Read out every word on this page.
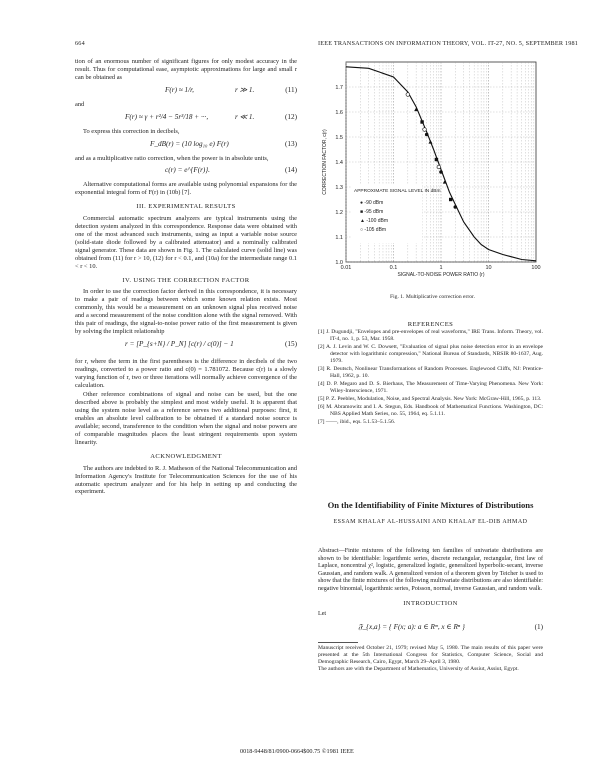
664	IEEE TRANSACTIONS ON INFORMATION THEORY, VOL. IT-27, NO. 5, SEPTEMBER 1981

tion of an enormous number of significant figures for only modest accuracy in the result. Thus for computational ease, asymptotic approximations for large and small r can be obtained as

F(r) ≈ 1/r,	r ≫ 1.	(11)

and

F(r) ≈ γ + r²/4 − 5r³/18 + ···,	r ≪ 1.	(12)

To express this correction in decibels,

F_dB(r) = (10 log₁₀ e) F(r)	(13)

and as a multiplicative ratio correction, when the power is in absolute units,

c(r) = e^{F(r)}.	(14)

Alternative computational forms are available using polynomial expansions for the exponential integral form of F(r) in (10b) [7].

III. EXPERIMENTAL RESULTS

Commercial automatic spectrum analyzers are typical instruments using the detection system analyzed in this correspondence. Response data were obtained with one of the most advanced such instruments, using as input a variable noise source (solid-state diode followed by a calibrated attenuator) and a nominally calibrated signal generator. These data are shown in Fig. 1. The calculated curve (solid line) was obtained from (11) for r > 10, (12) for r < 0.1, and (10a) for the intermediate range 0.1 < r < 10.

IV. USING THE CORRECTION FACTOR

In order to use the correction factor derived in this correspondence, it is necessary to make a pair of readings between which some known relation exists. Most commonly, this would be a measurement on an unknown signal plus received noise and a second measurement of the noise condition alone with the signal removed. With this pair of readings, the signal-to-noise power ratio of the first measurement is given by solving the implicit relationship

r = [P_{s+N} / P_N] [c(r) / c(0)] − 1	(15)

for r, where the term in the first parentheses is the difference in decibels of the two readings, converted to a power ratio and c(0) = 1.781072. Because c(r) is a slowly varying function of r, two or three iterations will normally achieve convergence of the calculation.

Other reference combinations of signal and noise can be used, but the one described above is probably the simplest and most widely useful. It is apparent that using the system noise level as a reference serves two additional purposes: first, it enables an absolute level calibration to be obtained if a standard noise source is available; second, transference to the condition when the signal and noise powers are of comparable magnitudes places the least stringent requirements upon system linearity.

ACKNOWLEDGMENT

The authors are indebted to R. J. Matheson of the National Telecommunication and Information Agency's Institute for Telecommunication Sciences for the use of his automatic spectrum analyzer and for his help in setting up and conducting the experiment.

1.0
1.1
1.2
1.3
1.4
1.5
1.6
1.7
0.01	0.1	1	10	100
SIGNAL-TO-NOISE POWER RATIO (r)
CORRECTION FACTOR, c(r)	APPROXIMATE SIGNAL LEVEL IN dBm
● -90 dBm
■ -95 dBm
▲ -100 dBm
○ -105 dBm
Fig. 1. Multiplicative correction error.
REFERENCES
[1] J. Dugundji, "Envelopes and pre-envelopes of real waveforms," IRE Trans. Inform. Theory, vol. IT-4, no. 1, p. 53, Mar. 1958.
[2] A. J. Levin and W. C. Dowsett, "Evaluation of signal plus noise detection error in an envelope detector with logarithmic compression," National Bureau of Standards, NBSIR 80-1637, Aug. 1979.
[3] R. Deutsch, Nonlinear Transformations of Random Processes. Englewood Cliffs, NJ: Prentice-Hall, 1962, p. 10.
[4] D. P. Megaro and D. S. Bierhaus, The Measurement of Time-Varying Phenomena. New York: Wiley-Interscience, 1971.
[5] P. Z. Peebles, Modulation, Noise, and Spectral Analysis. New York: McGraw-Hill, 1965, p. 113.
[6] M. Abramowitz and I. A. Stegun, Eds. Handbook of Mathematical Functions. Washington, DC: NBS Applied Math Series, no. 55, 1964, eq. 5.1.11.
[7] ——, ibid., eqs. 5.1.53–5.1.56.
On the Identifiability of Finite Mixtures of Distributions
ESSAM KHALAF AL-HUSSAINI AND KHALAF EL-DIB AHMAD

Abstract—Finite mixtures of the following ten families of univariate distributions are shown to be identifiable: logarithmic series, discrete rectangular, rectangular, first law of Laplace, noncentral χ², logistic, generalized logistic, generalized hyperbolic-secant, inverse Gaussian, and random walk. A generalized version of a theorem given by Teicher is used to show that the finite mixtures of the following multivariate distributions are also identifiable: negative binomial, logarithmic series, Poisson, normal, inverse Gaussian, and random walk.

INTRODUCTION

Let

𝔉_{x,a} = { F(x; a): a ∈ Rᵐ, x ∈ Rⁿ }	(1)

Manuscript received October 21, 1979; revised May 5, 1980. The main results of this paper were presented at the 5th International Congress for Statistics, Computer Science, Social and Demographic Research, Cairo, Egypt, March 29–April 3, 1980.
The authors are with the Department of Mathematics, University of Assiut, Assiut, Egypt.

0018-9448/81/0900-0664$00.75 ©1981 IEEE
